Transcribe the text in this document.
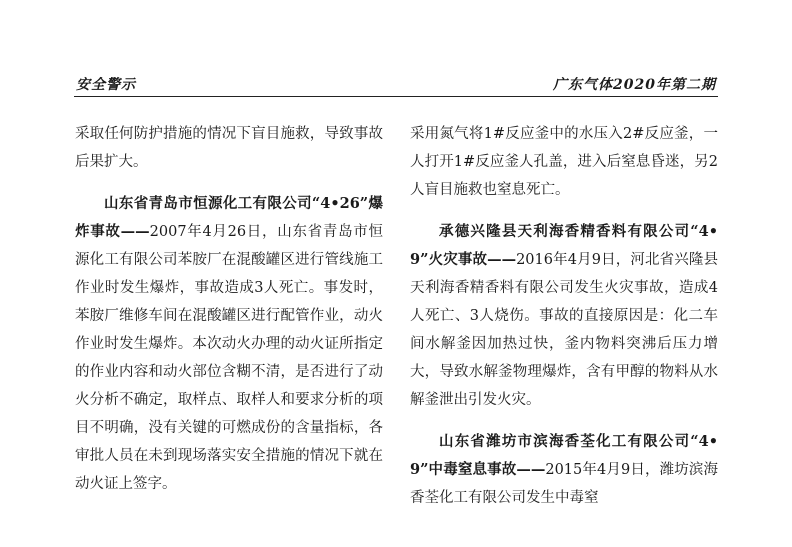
安全警示	广东气体2020年第二期

采取任何防护措施的情况下盲目施救，导致事故后果扩大。

山东省青岛市恒源化工有限公司“4•26”爆炸事故——2007年4月26日，山东省青岛市恒源化工有限公司苯胺厂在混酸罐区进行管线施工作业时发生爆炸，事故造成3人死亡。事发时，苯胺厂维修车间在混酸罐区进行配管作业，动火作业时发生爆炸。本次动火办理的动火证所指定的作业内容和动火部位含糊不清，是否进行了动火分析不确定，取样点、取样人和要求分析的项目不明确，没有关键的可燃成份的含量指标，各审批人员在未到现场落实安全措施的情况下就在动火证上签字。

采用氮气将1#反应釜中的水压入2#反应釜，一人打开1#反应釜人孔盖，进入后窒息昏迷，另2人盲目施救也窒息死亡。

承德兴隆县天利海香精香料有限公司“4• 9”火灾事故——2016年4月9日，河北省兴隆县天利海香精香料有限公司发生火灾事故，造成4人死亡、3人烧伤。事故的直接原因是：化二车间水解釜因加热过快，釜内物料突沸后压力增大，导致水解釜物理爆炸，含有甲醇的物料从水解釜泄出引发火灾。

山东省潍坊市滨海香荃化工有限公司“4• 9”中毒窒息事故——2015年4月9日，潍坊滨海香荃化工有限公司发生中毒窒
